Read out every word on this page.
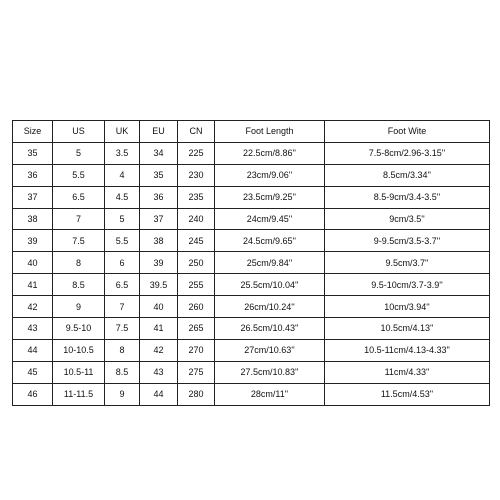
Size	US	UK	EU	CN	Foot Length	Foot Wite
35	5	3.5	34	225	22.5cm/8.86''	7.5-8cm/2.96-3.15''
36	5.5	4	35	230	23cm/9.06''	8.5cm/3.34''
37	6.5	4.5	36	235	23.5cm/9.25''	8.5-9cm/3.4-3.5''
38	7	5	37	240	24cm/9.45''	9cm/3.5''
39	7.5	5.5	38	245	24.5cm/9.65''	9-9.5cm/3.5-3.7''
40	8	6	39	250	25cm/9.84''	9.5cm/3.7''
41	8.5	6.5	39.5	255	25.5cm/10.04''	9.5-10cm/3.7-3.9''
42	9	7	40	260	26cm/10.24''	10cm/3.94''
43	9.5-10	7.5	41	265	26.5cm/10.43''	10.5cm/4.13''
44	10-10.5	8	42	270	27cm/10.63''	10.5-11cm/4.13-4.33''
45	10.5-11	8.5	43	275	27.5cm/10.83''	11cm/4.33''
46	11-11.5	9	44	280	28cm/11''	11.5cm/4.53''
